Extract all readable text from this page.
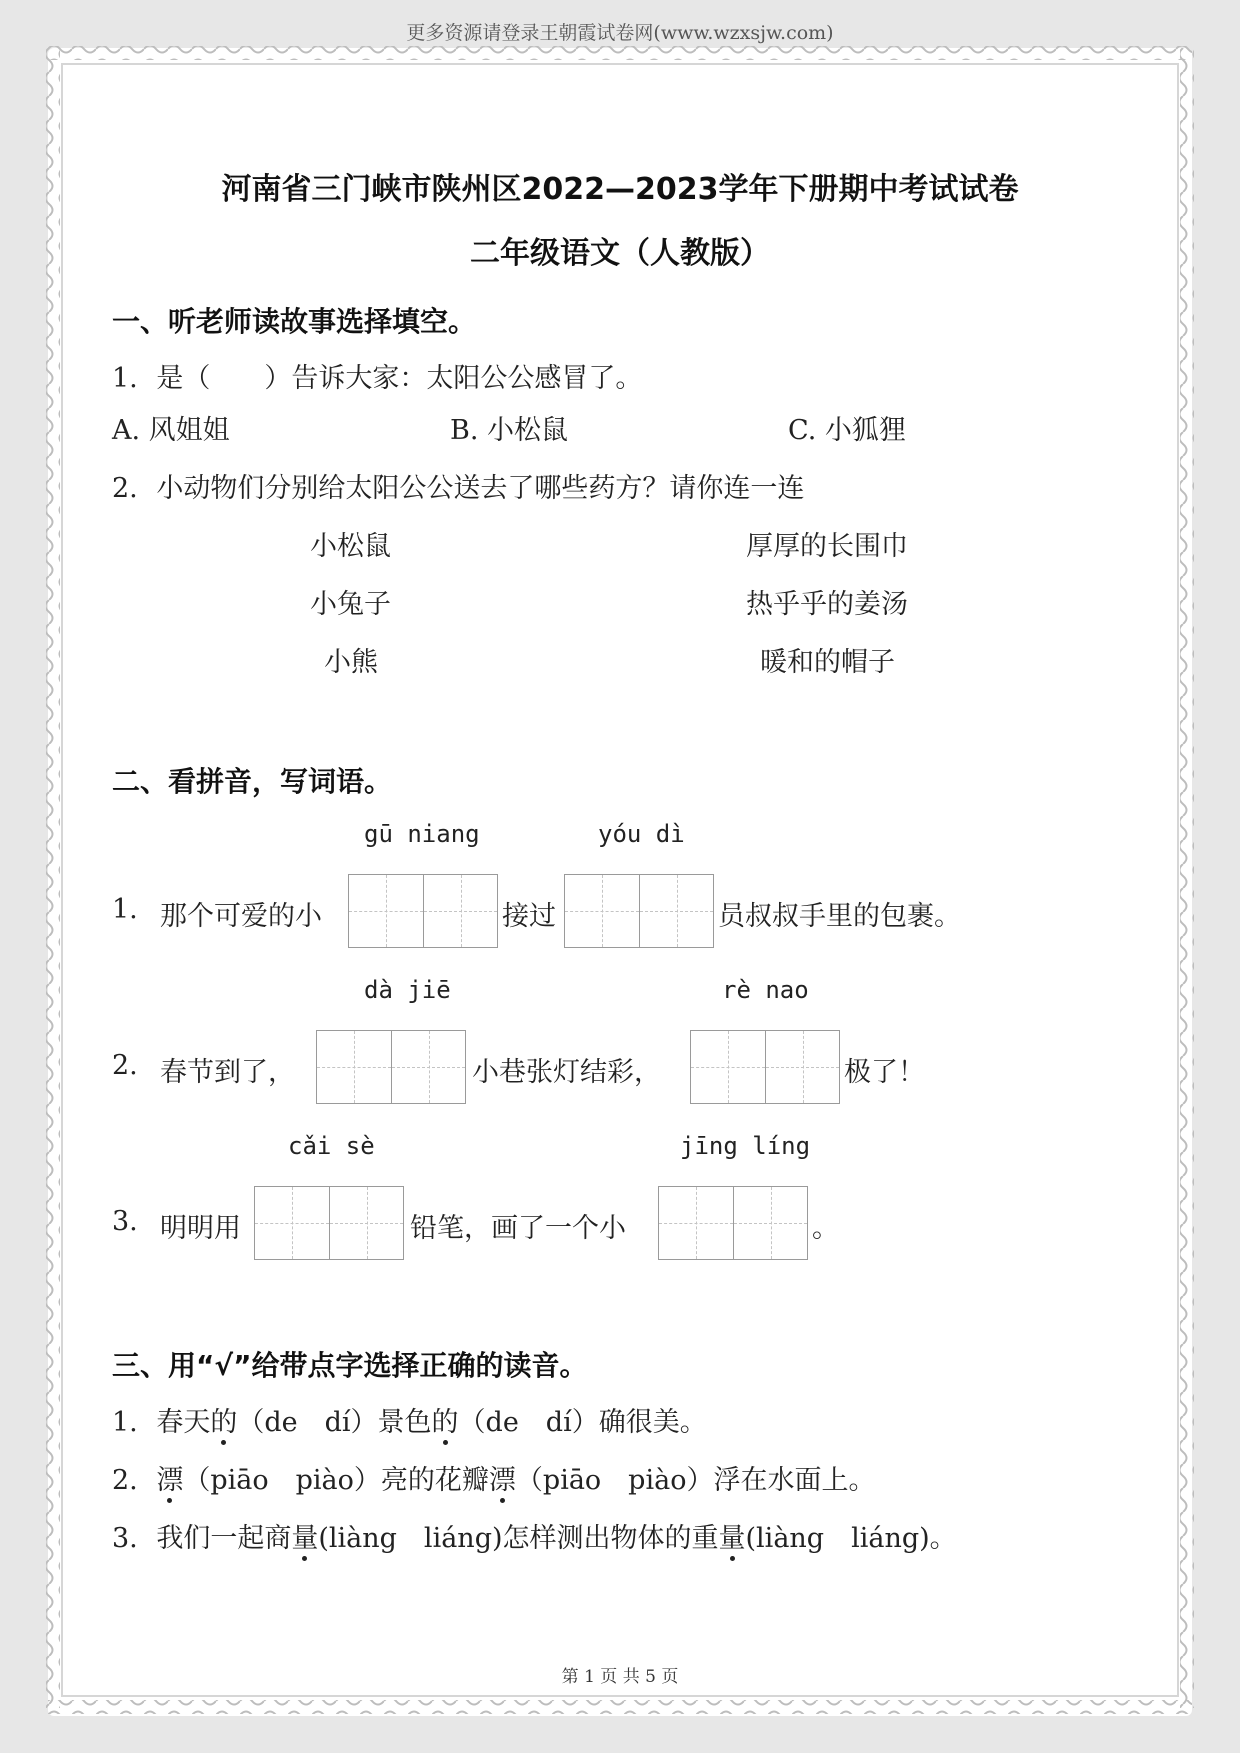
更多资源请登录王朝霞试卷网(www.wzxsjw.com)
河南省三门峡市陕州区2022—2023学年下册期中考试试卷
二年级语文（人教版）
一、听老师读故事选择填空。
1. 是（　　）告诉大家：太阳公公感冒了。
A. 风姐姐	B. 小松鼠	C. 小狐狸
2. 小动物们分别给太阳公公送去了哪些药方？请你连一连
小松鼠
小兔子
小熊
厚厚的长围巾
热乎乎的姜汤
暖和的帽子
二、看拼音，写词语。
gū niang	yóu dì
1. 那个可爱的小	接过	员叔叔手里的包裹。
dà jiē	rè nao
2. 春节到了，	小巷张灯结彩，	极了！
cǎi sè	jīng líng
3. 明明用	铅笔，画了一个小	。
三、用“√”给带点字选择正确的读音。
1. 春天的（de　dí）景色的（de　dí）确很美。
2. 漂（piāo　piào）亮的花瓣漂（piāo　piào）浮在水面上。
3. 我们一起商量(liàng　liáng)怎样测出物体的重量(liàng　liáng)。
第 1 页 共 5 页
